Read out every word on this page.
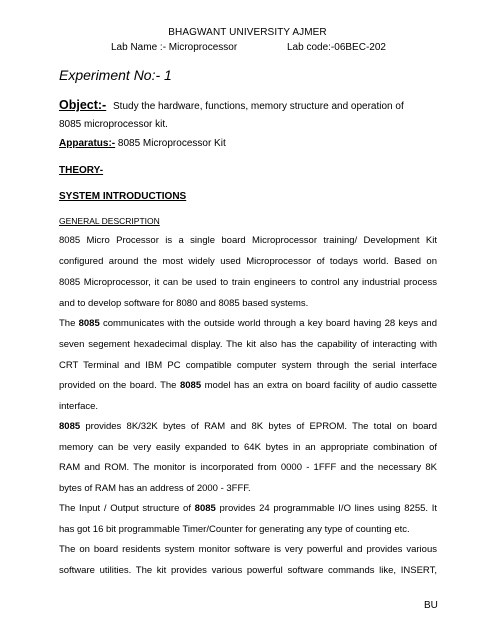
BHAGWANT UNIVERSITY AJMER
Lab Name :- Microprocessor	Lab code:-06BEC-202
Experiment No:- 1
Object:- Study the hardware, functions, memory structure and operation of
8085 microprocessor kit.
Apparatus:- 8085 Microprocessor Kit
THEORY-
SYSTEM INTRODUCTIONS
GENERAL DESCRIPTION
8085 Micro Processor is a single board Microprocessor training/ Development Kit
configured around the most widely used Microprocessor of todays world. Based on
8085 Microprocessor, it can be used to train engineers to control any industrial process
and to develop software for 8080 and 8085 based systems.
The 8085 communicates with the outside world through a key board having 28 keys and
seven segement hexadecimal display. The kit also has the capability of interacting with
CRT Terminal and IBM PC compatible computer system through the serial interface
provided on the board. The 8085 model has an extra on board facility of audio cassette
interface.
8085 provides 8K/32K bytes of RAM and 8K bytes of EPROM. The total on board
memory can be very easily expanded to 64K bytes in an appropriate combination of
RAM and ROM. The monitor is incorporated from 0000 - 1FFF and the necessary 8K
bytes of RAM has an address of 2000 - 3FFF.
The Input / Output structure of 8085 provides 24 programmable I/O lines using 8255. It
has got 16 bit programmable Timer/Counter for generating any type of counting etc.
The on board residents system monitor software is very powerful and provides various
software utilities. The kit provides various powerful software commands like, INSERT,
BU
